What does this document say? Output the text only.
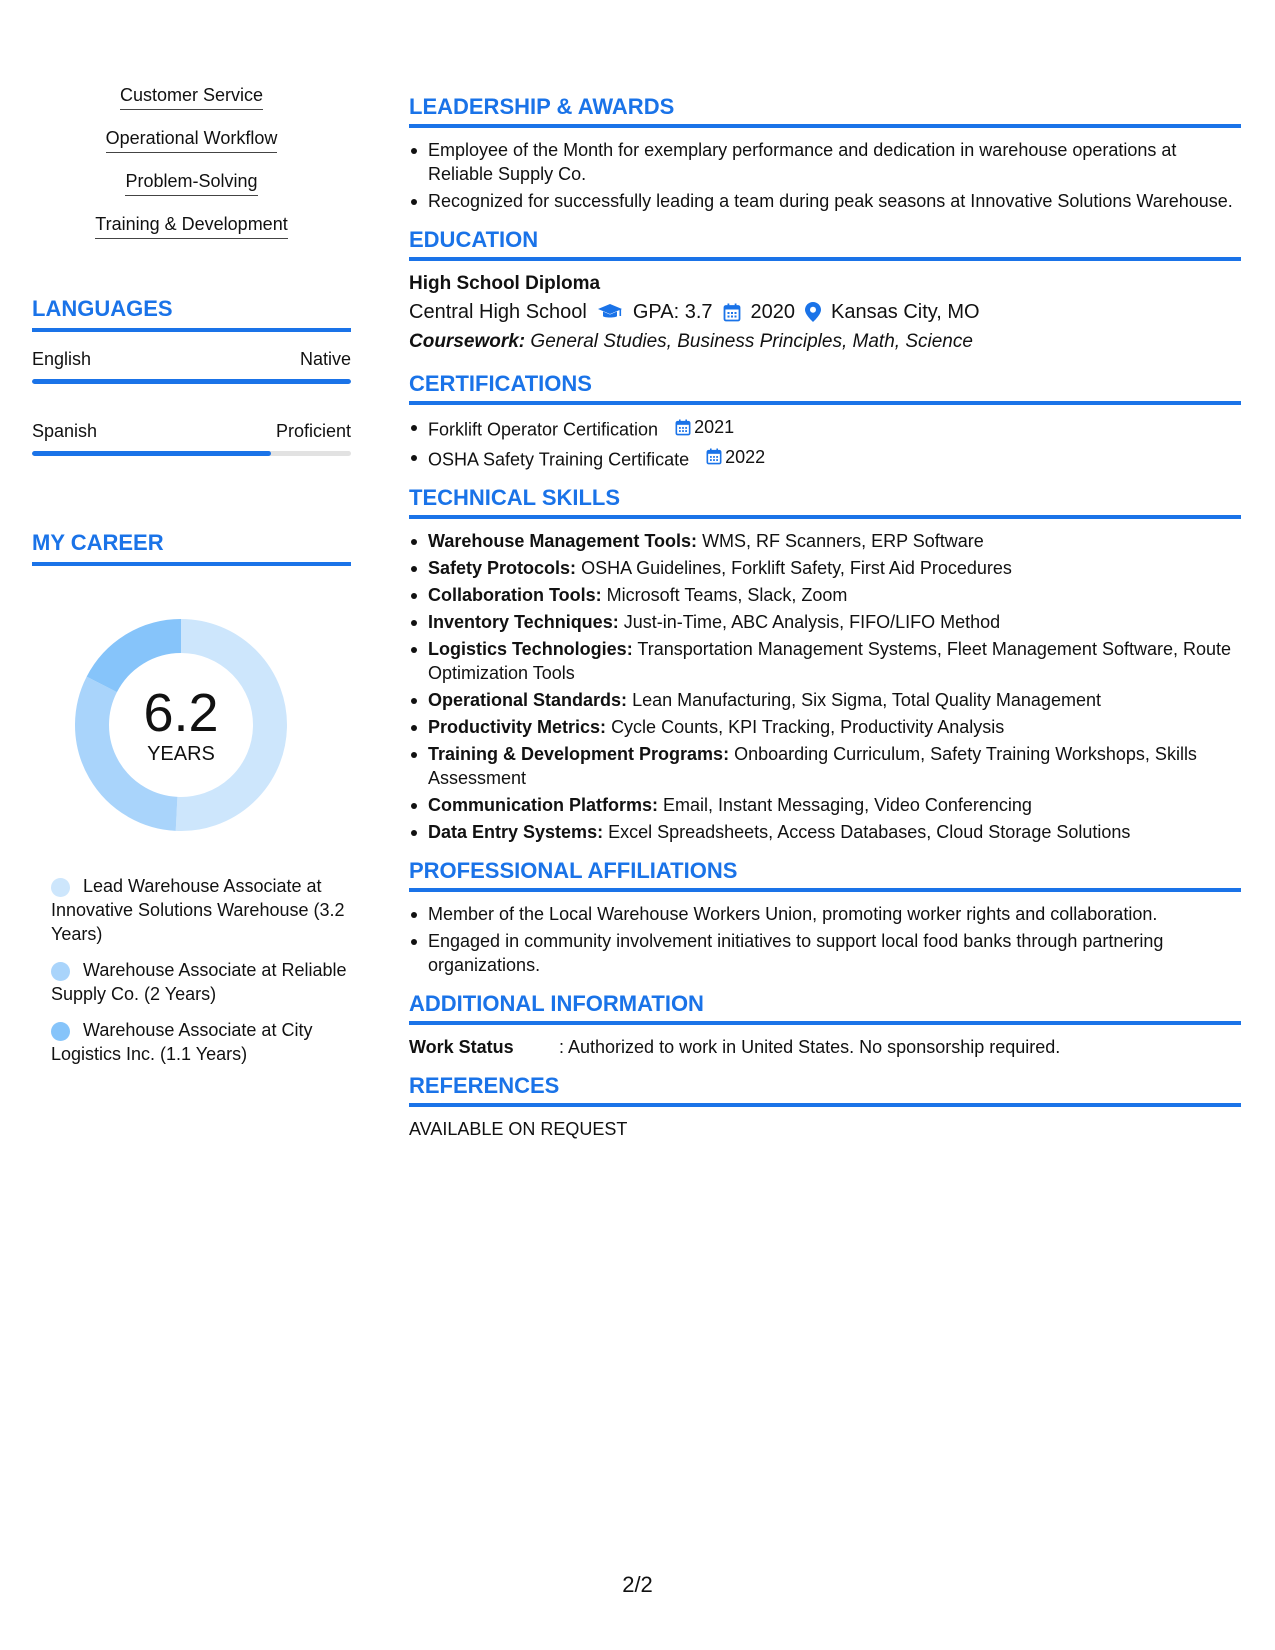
Customer Service
Operational Workflow
Problem-Solving
Training & Development
LANGUAGES
English	Native
Spanish	Proficient
MY CAREER
6.2
YEARS
Lead Warehouse Associate at Innovative Solutions Warehouse (3.2 Years)
Warehouse Associate at Reliable Supply Co. (2 Years)
Warehouse Associate at City Logistics Inc. (1.1 Years)
LEADERSHIP & AWARDS
Employee of the Month for exemplary performance and dedication in warehouse operations at Reliable Supply Co.
Recognized for successfully leading a team during peak seasons at Innovative Solutions Warehouse.
EDUCATION
High School Diploma
Central High School GPA: 3.7 2020 Kansas City, MO
Coursework: General Studies, Business Principles, Math, Science
CERTIFICATIONS
Forklift Operator Certification 2021
OSHA Safety Training Certificate 2022
TECHNICAL SKILLS
Warehouse Management Tools: WMS, RF Scanners, ERP Software
Safety Protocols: OSHA Guidelines, Forklift Safety, First Aid Procedures
Collaboration Tools: Microsoft Teams, Slack, Zoom
Inventory Techniques: Just-in-Time, ABC Analysis, FIFO/LIFO Method
Logistics Technologies: Transportation Management Systems, Fleet Management Software, Route Optimization Tools
Operational Standards: Lean Manufacturing, Six Sigma, Total Quality Management
Productivity Metrics: Cycle Counts, KPI Tracking, Productivity Analysis
Training & Development Programs: Onboarding Curriculum, Safety Training Workshops, Skills Assessment
Communication Platforms: Email, Instant Messaging, Video Conferencing
Data Entry Systems: Excel Spreadsheets, Access Databases, Cloud Storage Solutions
PROFESSIONAL AFFILIATIONS
Member of the Local Warehouse Workers Union, promoting worker rights and collaboration.
Engaged in community involvement initiatives to support local food banks through partnering organizations.
ADDITIONAL INFORMATION
Work Status	: Authorized to work in United States. No sponsorship required.
REFERENCES
AVAILABLE ON REQUEST
2/2
